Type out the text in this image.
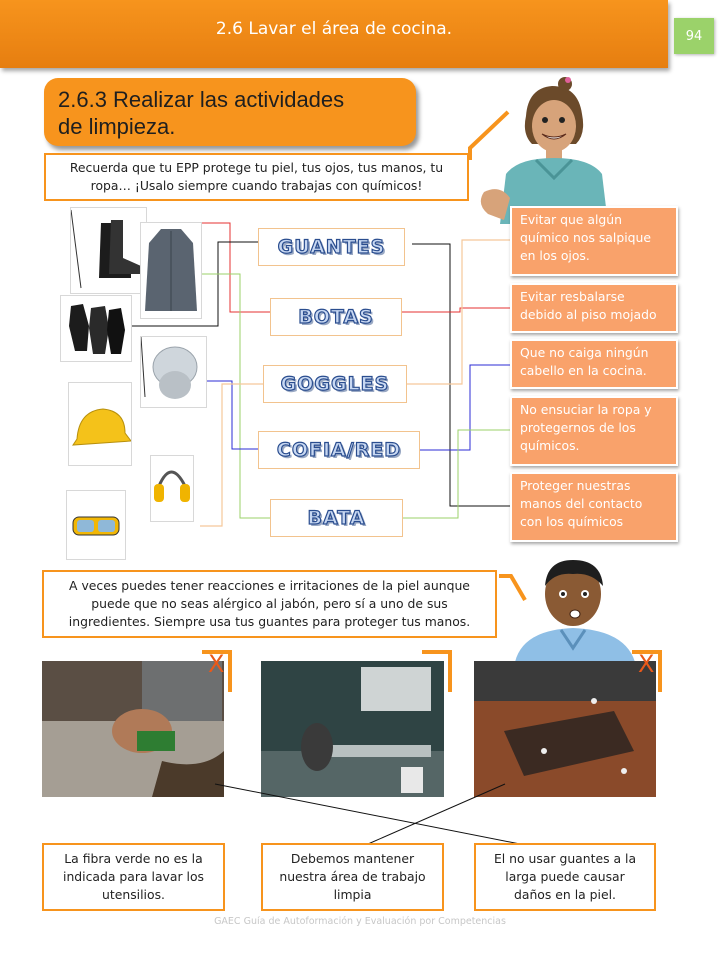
2.6 Lavar el área de cocina.	94
2.6.3 Realizar las actividades
de limpieza.
Recuerda que tu EPP protege tu piel, tus ojos, tus manos, tu
ropa… ¡Usalo siempre cuando trabajas con químicos!
GUANTES
BOTAS
GOGGLES
COFIA/RED
BATA
Evitar que algún
químico nos salpique
en los ojos.
Evitar resbalarse
debido al piso mojado
Que no caiga ningún
cabello en la cocina.
No ensuciar la ropa y
protegernos de los
químicos.
Proteger nuestras
manos del contacto
con los químicos
A veces puedes tener reacciones e irritaciones de la piel aunque
puede que no seas alérgico al jabón, pero sí a uno de sus
ingredientes. Siempre usa tus guantes para proteger tus manos.
X	X
La fibra verde no es la
indicada para lavar los
utensilios.
Debemos mantener
nuestra área de trabajo
limpia
El no usar guantes a la
larga puede causar
daños en la piel.
GAEC Guía de Autoformación y Evaluación por Competencias
